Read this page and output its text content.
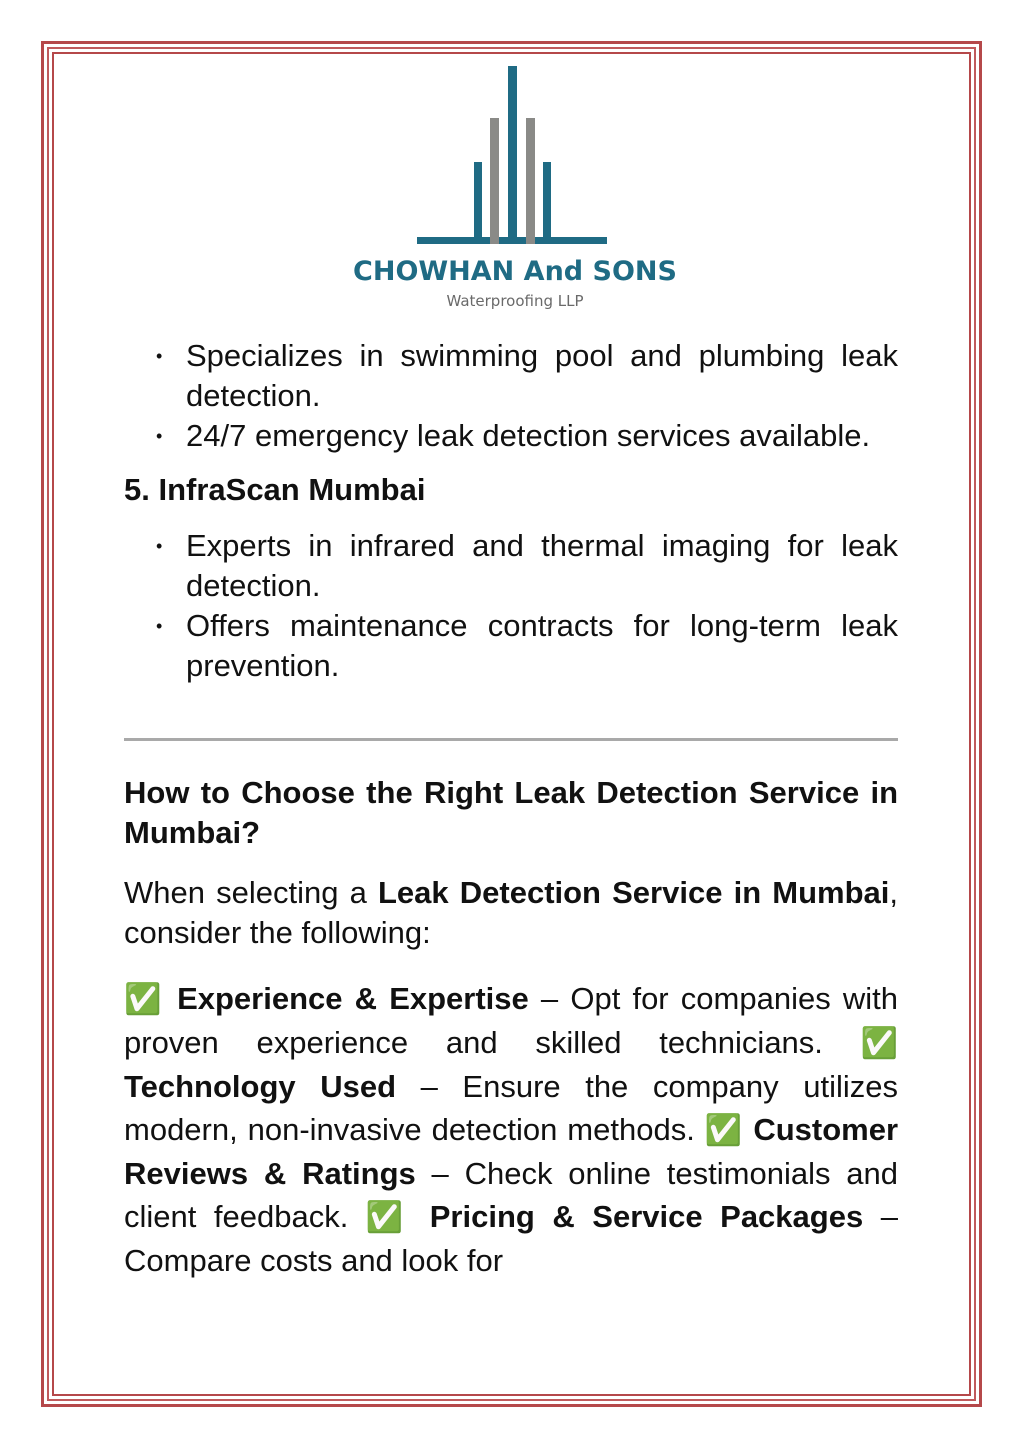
CHOWHAN And SONS
Waterproofing LLP
• Specializes in swimming pool and plumbing leak detection.
• 24/7 emergency leak detection services available.
5. InfraScan Mumbai
• Experts in infrared and thermal imaging for leak detection.
• Offers maintenance contracts for long-term leak prevention.
How to Choose the Right Leak Detection Service in Mumbai?
When selecting a Leak Detection Service in Mumbai, consider the following:
✅ Experience & Expertise – Opt for companies with proven experience and skilled technicians. ✅ Technology Used – Ensure the company utilizes modern, non-invasive detection methods. ✅ Customer Reviews & Ratings – Check online testimonials and client feedback. ✅ Pricing & Service Packages – Compare costs and look for
